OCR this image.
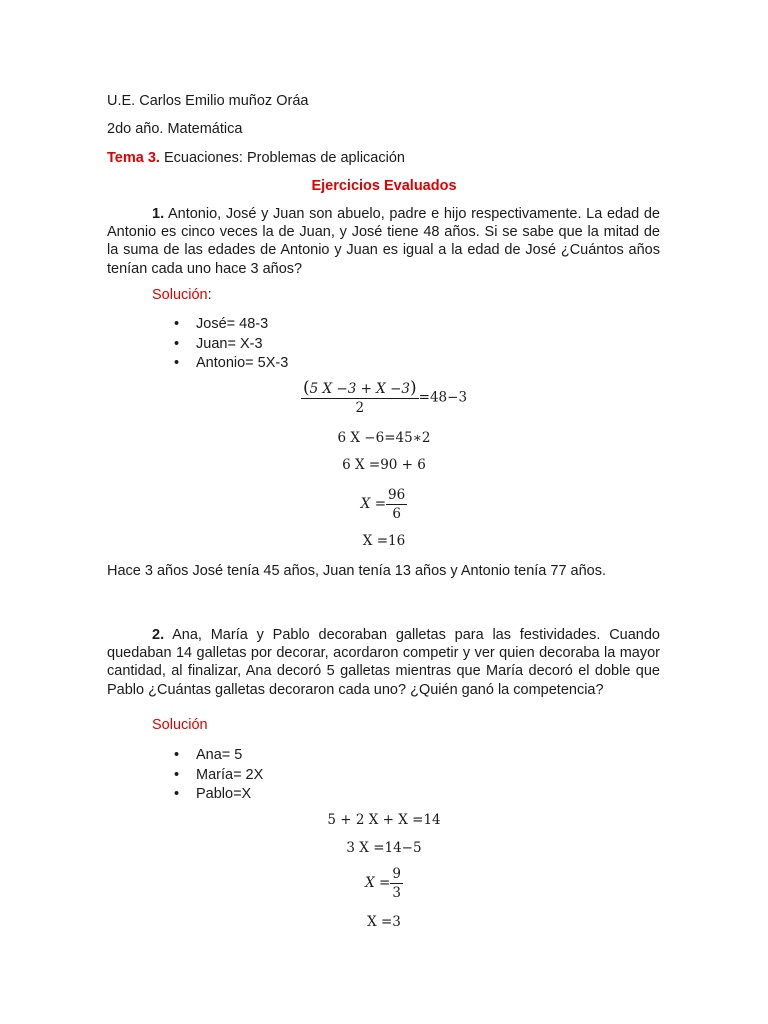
U.E. Carlos Emilio muñoz Oráa
2do año. Matemática
Tema 3. Ecuaciones: Problemas de aplicación
Ejercicios Evaluados
1. Antonio, José y Juan son abuelo, padre e hijo respectivamente. La edad de Antonio es cinco veces la de Juan, y José tiene 48 años. Si se sabe que la mitad de la suma de las edades de Antonio y Juan es igual a la edad de José ¿Cuántos años tenían cada uno hace 3 años?
Solución:
• José= 48-3
• Juan= X-3
• Antonio= 5X-3
$\frac{(5 X -3 + X -3)}{2} =48-3$
6 X −6=45∗2
6 X =90 + 6
$X = \frac{96}{6}$
X =16
Hace 3 años José tenía 45 años, Juan tenía 13 años y Antonio tenía 77 años.
2. Ana, María y Pablo decoraban galletas para las festividades. Cuando quedaban 14 galletas por decorar, acordaron competir y ver quien decoraba la mayor cantidad, al finalizar, Ana decoró 5 galletas mientras que María decoró el doble que Pablo ¿Cuántas galletas decoraron cada uno? ¿Quién ganó la competencia?
Solución
• Ana= 5
• María= 2X
• Pablo=X
5 + 2 X + X =14
3 X =14−5
$X = \frac{9}{3}$
X =3
